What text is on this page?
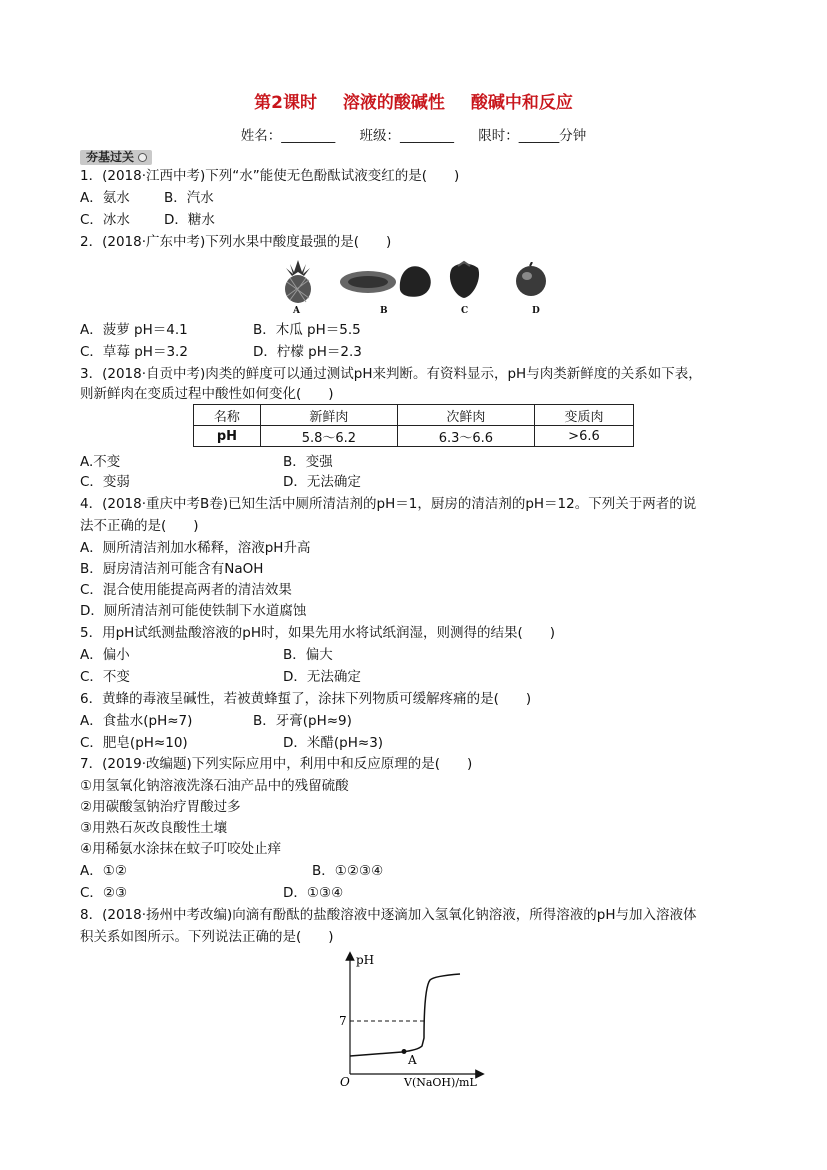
第2课时 溶液的酸碱性 酸碱中和反应
姓名：________ 班级：________ 限时：______分钟
夯基过关
1．(2018·江西中考)下列“水”能使无色酚酞试液变红的是(　　)
A．氨水	B．汽水
C．冰水	D．糖水
2．(2018·广东中考)下列水果中酸度最强的是(　　)
A	B	C	D
A．菠萝 pH＝4.1	B．木瓜 pH＝5.5
C．草莓 pH＝3.2	D．柠檬 pH＝2.3
3．(2018·自贡中考)肉类的鲜度可以通过测试pH来判断。有资料显示，pH与肉类新鲜度的关系如下表，
则新鲜肉在变质过程中酸性如何变化(　　)
名称	新鲜肉	次鲜肉	变质肉
pH	5.8～6.2	6.3～6.6	>6.6
A.不变	B．变强
C．变弱	D．无法确定
4．(2018·重庆中考B卷)已知生活中厕所清洁剂的pH＝1，厨房的清洁剂的pH＝12。下列关于两者的说
法不正确的是(　　)
A．厕所清洁剂加水稀释，溶液pH升高
B．厨房清洁剂可能含有NaOH
C．混合使用能提高两者的清洁效果
D．厕所清洁剂可能使铁制下水道腐蚀
5．用pH试纸测盐酸溶液的pH时，如果先用水将试纸润湿，则测得的结果(　　)
A．偏小	B．偏大
C．不变	D．无法确定
6．黄蜂的毒液呈碱性，若被黄蜂蜇了，涂抹下列物质可缓解疼痛的是(　　)
A．食盐水(pH≈7)	B．牙膏(pH≈9)
C．肥皂(pH≈10)	D．米醋(pH≈3)
7．(2019·改编题)下列实际应用中，利用中和反应原理的是(　　)
①用氢氧化钠溶液洗涤石油产品中的残留硫酸
②用碳酸氢钠治疗胃酸过多
③用熟石灰改良酸性土壤
④用稀氨水涂抹在蚊子叮咬处止痒
A．①②	B．①②③④
C．②③	D．①③④
8．(2018·扬州中考改编)向滴有酚酞的盐酸溶液中逐滴加入氢氧化钠溶液，所得溶液的pH与加入溶液体
积关系如图所示。下列说法正确的是(　　)
pH
7
O
A
V(NaOH)/mL
